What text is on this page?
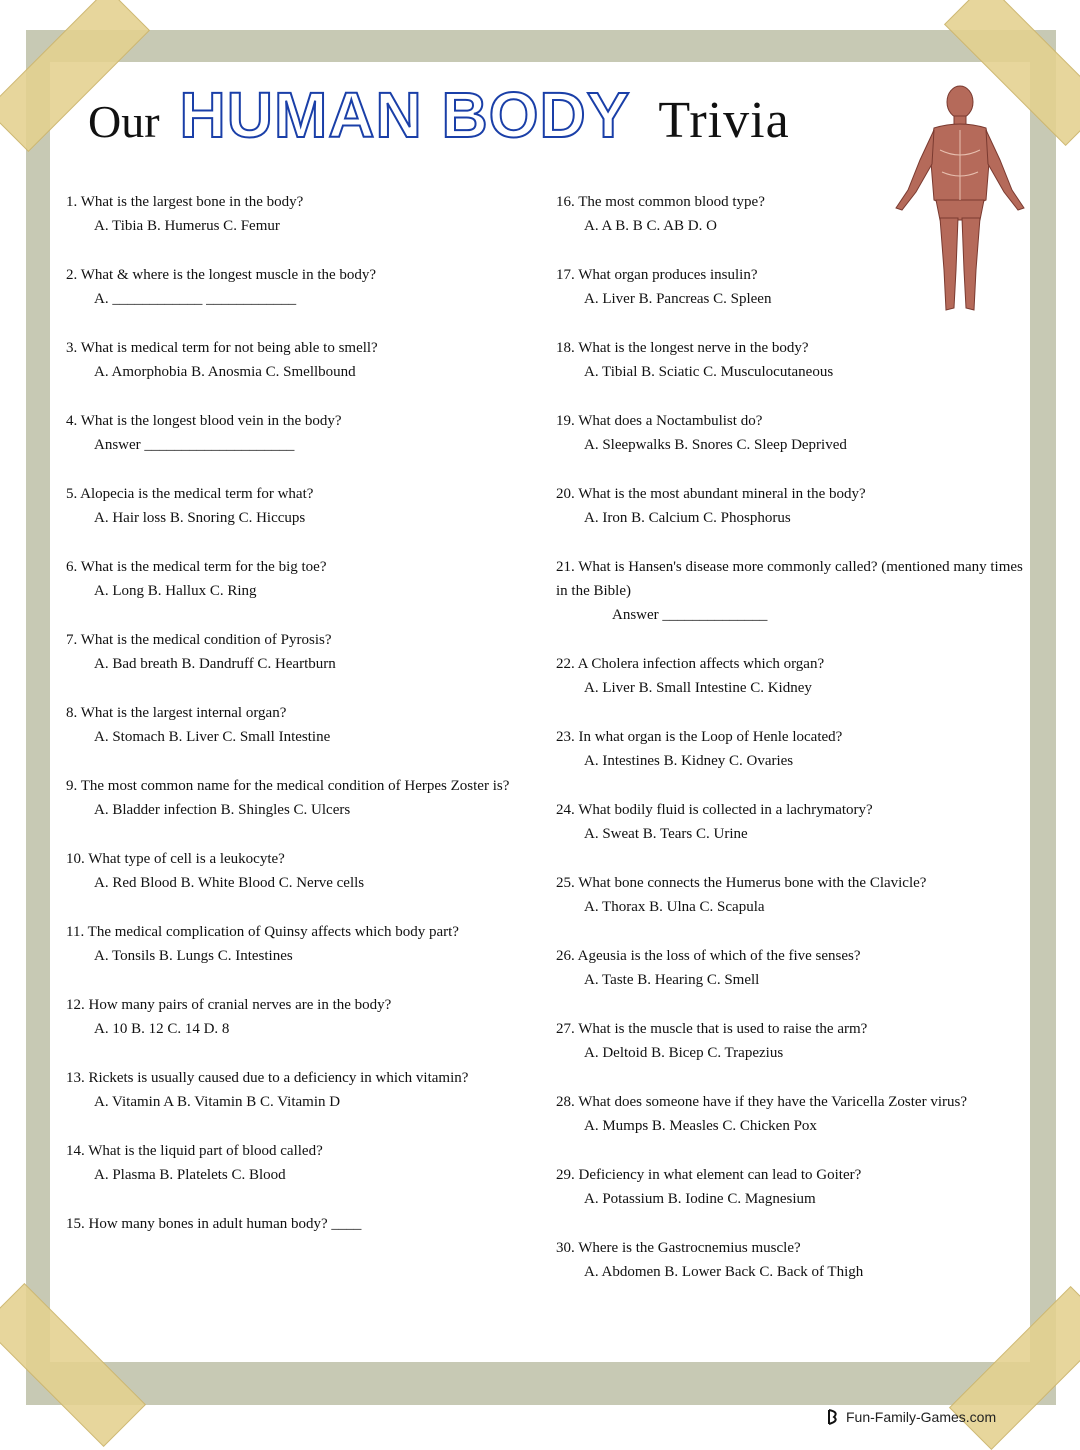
Our HUMAN BODY Trivia
1. What is the largest bone in the body?
A. Tibia B. Humerus C. Femur
2. What & where is the longest muscle in the body?
A. ____________ ____________
3. What is medical term for not being able to smell?
A. Amorphobia B. Anosmia C. Smellbound
4. What is the longest blood vein in the body?
Answer ____________________
5. Alopecia is the medical term for what?
A. Hair loss B. Snoring C. Hiccups
6. What is the medical term for the big toe?
A. Long B. Hallux C. Ring
7. What is the medical condition of Pyrosis?
A. Bad breath B. Dandruff C. Heartburn
8. What is the largest internal organ?
A. Stomach B. Liver C. Small Intestine
9. The most common name for the medical condition of Herpes Zoster is?
A. Bladder infection B. Shingles C. Ulcers
10. What type of cell is a leukocyte?
A. Red Blood B. White Blood C. Nerve cells
11. The medical complication of Quinsy affects which body part?
A. Tonsils B. Lungs C. Intestines
12. How many pairs of cranial nerves are in the body?
A. 10 B. 12 C. 14 D. 8
13. Rickets is usually caused due to a deficiency in which vitamin?
A. Vitamin A B. Vitamin B C. Vitamin D
14. What is the liquid part of blood called?
A. Plasma B. Platelets C. Blood
15. How many bones in adult human body? ____
16. The most common blood type?
A. A B. B C. AB D. O
17. What organ produces insulin?
A. Liver B. Pancreas C. Spleen
18. What is the longest nerve in the body?
A. Tibial B. Sciatic C. Musculocutaneous
19. What does a Noctambulist do?
A. Sleepwalks B. Snores C. Sleep Deprived
20. What is the most abundant mineral in the body?
A. Iron B. Calcium C. Phosphorus
21. What is Hansen's disease more commonly called? (mentioned many times in the Bible)
Answer ______________
22. A Cholera infection affects which organ?
A. Liver B. Small Intestine C. Kidney
23. In what organ is the Loop of Henle located?
A. Intestines B. Kidney C. Ovaries
24. What bodily fluid is collected in a lachrymatory?
A. Sweat B. Tears C. Urine
25. What bone connects the Humerus bone with the Clavicle?
A. Thorax B. Ulna C. Scapula
26. Ageusia is the loss of which of the five senses?
A. Taste B. Hearing C. Smell
27. What is the muscle that is used to raise the arm?
A. Deltoid B. Bicep C. Trapezius
28. What does someone have if they have the Varicella Zoster virus?
A. Mumps B. Measles C. Chicken Pox
29. Deficiency in what element can lead to Goiter?
A. Potassium B. Iodine C. Magnesium
30. Where is the Gastrocnemius muscle?
A. Abdomen B. Lower Back C. Back of Thigh
Fun-Family-Games.com
